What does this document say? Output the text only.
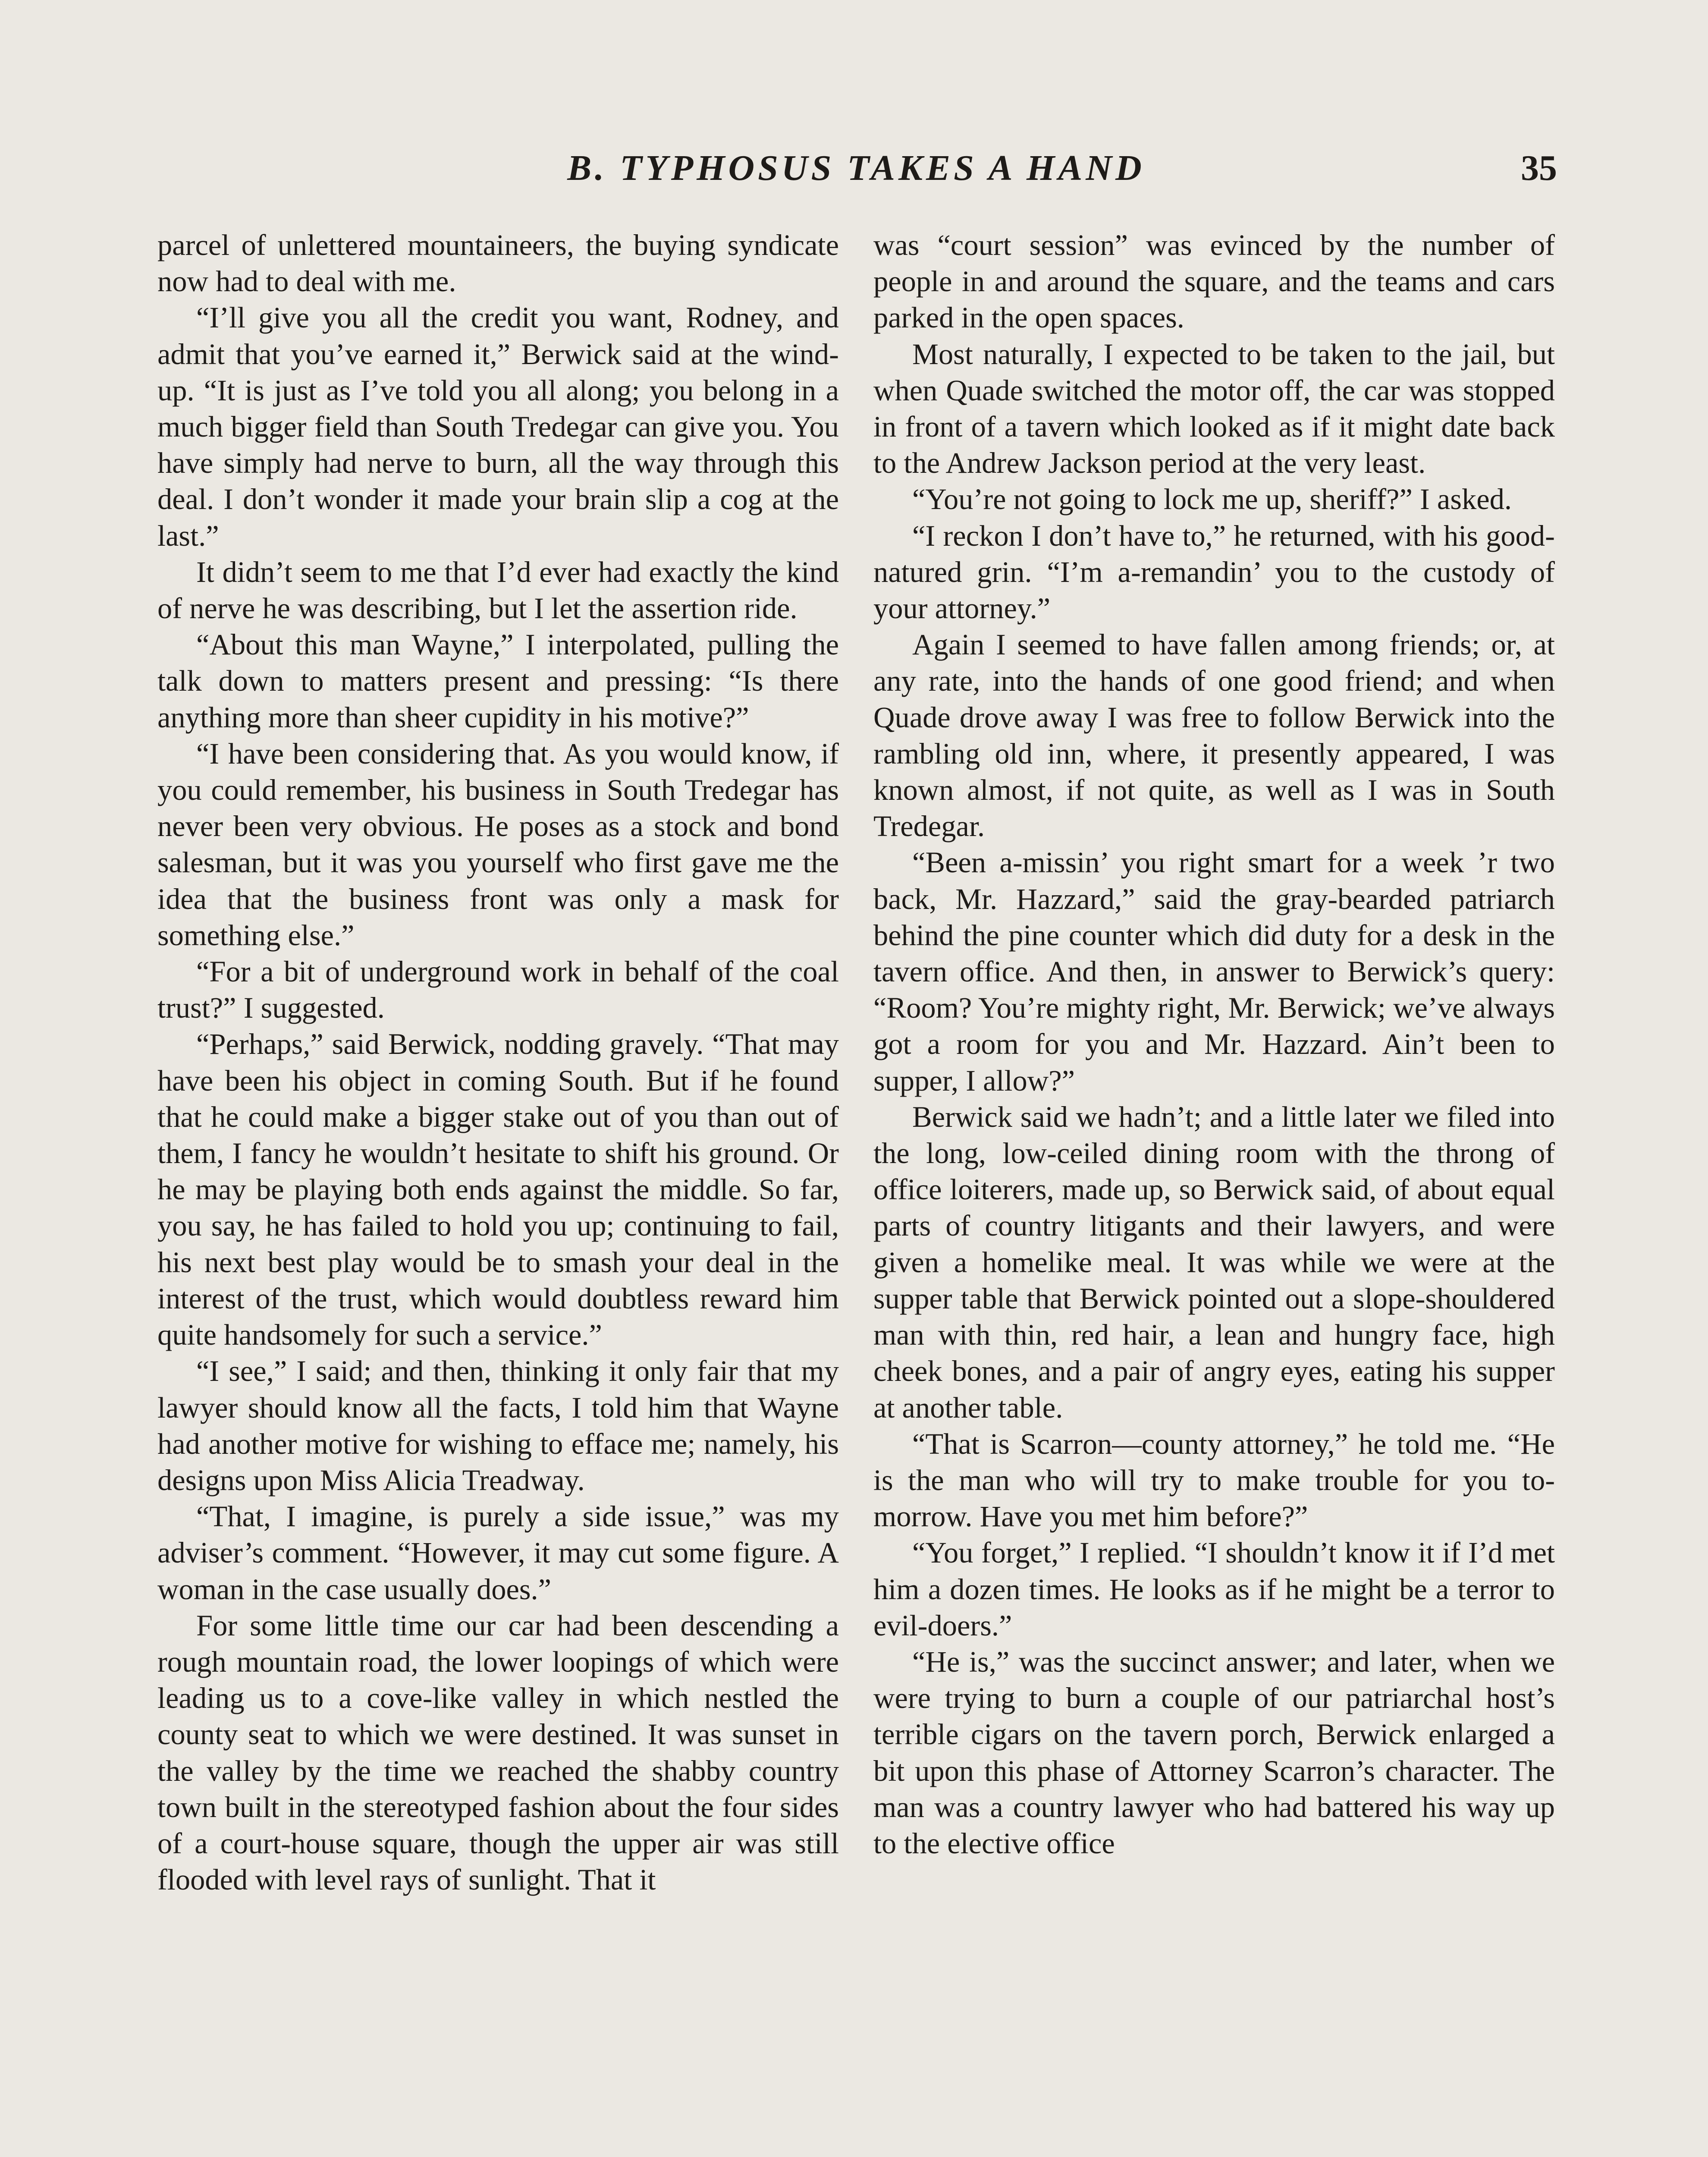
B. TYPHOSUS TAKES A HAND	35

parcel of unlettered mountaineers, the buying syndicate now had to deal with me.

“I’ll give you all the credit you want, Rodney, and admit that you’ve earned it,” Berwick said at the wind-up. “It is just as I’ve told you all along; you belong in a much bigger field than South Tredegar can give you. You have simply had nerve to burn, all the way through this deal. I don’t wonder it made your brain slip a cog at the last.”

It didn’t seem to me that I’d ever had exactly the kind of nerve he was describing, but I let the assertion ride.

“About this man Wayne,” I interpolated, pulling the talk down to matters present and pressing: “Is there anything more than sheer cupidity in his motive?”

“I have been considering that. As you would know, if you could remember, his business in South Tredegar has never been very obvious. He poses as a stock and bond salesman, but it was you yourself who first gave me the idea that the business front was only a mask for something else.”

“For a bit of underground work in behalf of the coal trust?” I suggested.

“Perhaps,” said Berwick, nodding gravely. “That may have been his object in coming South. But if he found that he could make a bigger stake out of you than out of them, I fancy he wouldn’t hesitate to shift his ground. Or he may be playing both ends against the middle. So far, you say, he has failed to hold you up; continuing to fail, his next best play would be to smash your deal in the interest of the trust, which would doubtless reward him quite handsomely for such a service.”

“I see,” I said; and then, thinking it only fair that my lawyer should know all the facts, I told him that Wayne had another motive for wishing to efface me; namely, his designs upon Miss Alicia Treadway.

“That, I imagine, is purely a side issue,” was my adviser’s comment. “However, it may cut some figure. A woman in the case usually does.”

For some little time our car had been descending a rough mountain road, the lower loopings of which were leading us to a cove-like valley in which nestled the county seat to which we were destined. It was sunset in the valley by the time we reached the shabby country town built in the stereotyped fashion about the four sides of a court-house square, though the upper air was still flooded with level rays of sunlight. That it

was “court session” was evinced by the number of people in and around the square, and the teams and cars parked in the open spaces.

Most naturally, I expected to be taken to the jail, but when Quade switched the motor off, the car was stopped in front of a tavern which looked as if it might date back to the Andrew Jackson period at the very least.

“You’re not going to lock me up, sheriff?” I asked.

“I reckon I don’t have to,” he returned, with his good-natured grin. “I’m a-remandin’ you to the custody of your attorney.”

Again I seemed to have fallen among friends; or, at any rate, into the hands of one good friend; and when Quade drove away I was free to follow Berwick into the rambling old inn, where, it presently appeared, I was known almost, if not quite, as well as I was in South Tredegar.

“Been a-missin’ you right smart for a week ’r two back, Mr. Hazzard,” said the gray-bearded patriarch behind the pine counter which did duty for a desk in the tavern office. And then, in answer to Berwick’s query: “Room? You’re mighty right, Mr. Berwick; we’ve always got a room for you and Mr. Hazzard. Ain’t been to supper, I allow?”

Berwick said we hadn’t; and a little later we filed into the long, low-ceiled dining room with the throng of office loiterers, made up, so Berwick said, of about equal parts of country litigants and their lawyers, and were given a homelike meal. It was while we were at the supper table that Berwick pointed out a slope-shouldered man with thin, red hair, a lean and hungry face, high cheek bones, and a pair of angry eyes, eating his supper at another table.

“That is Scarron—county attorney,” he told me. “He is the man who will try to make trouble for you to-morrow. Have you met him before?”

“You forget,” I replied. “I shouldn’t know it if I’d met him a dozen times. He looks as if he might be a terror to evil-doers.”

“He is,” was the succinct answer; and later, when we were trying to burn a couple of our patriarchal host’s terrible cigars on the tavern porch, Berwick enlarged a bit upon this phase of Attorney Scarron’s character. The man was a country lawyer who had battered his way up to the elective office
